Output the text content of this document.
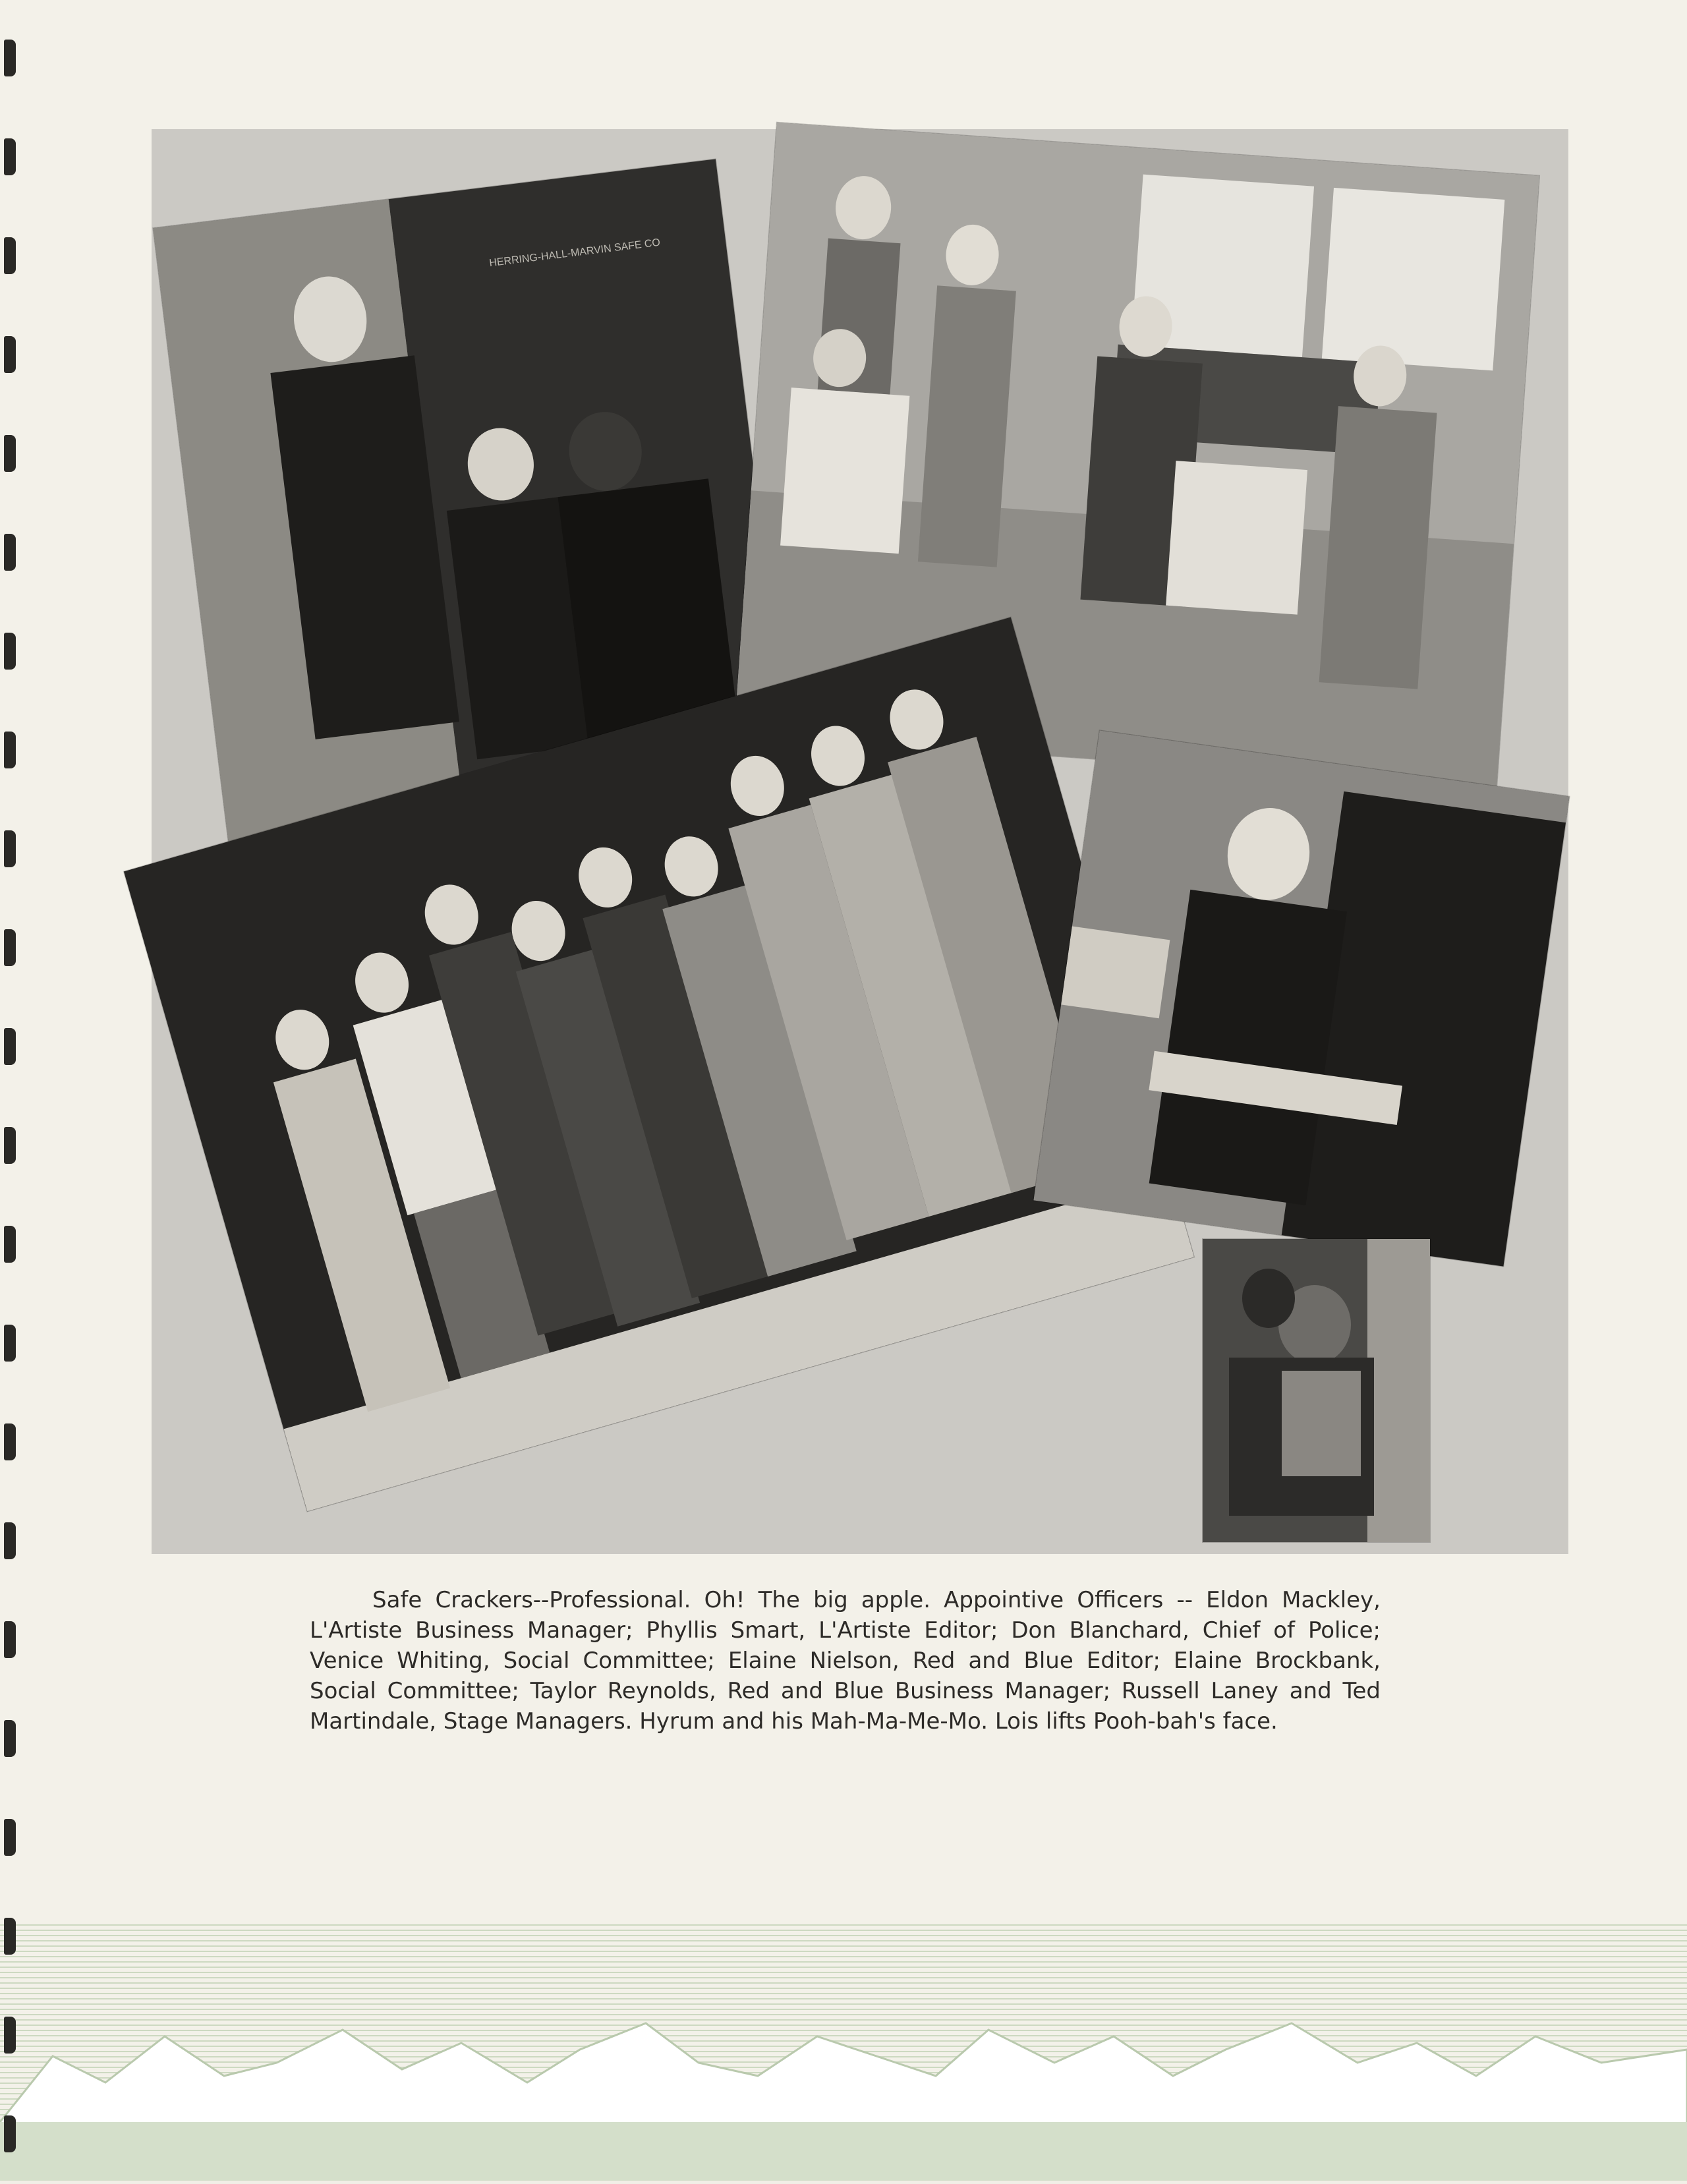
HERRING-HALL-MARVIN SAFE CO

Safe Crackers--Professional. Oh! The big apple. Appointive Officers -- Eldon Mackley, L'Artiste Business Manager; Phyllis Smart, L'Artiste Editor; Don Blanchard, Chief of Police; Venice Whiting, Social Committee; Elaine Nielson, Red and Blue Editor; Elaine Brockbank, Social Committee; Taylor Reynolds, Red and Blue Business Manager; Russell Laney and Ted Martindale, Stage Managers. Hyrum and his Mah-Ma-Me-Mo. Lois lifts Pooh-bah's face.
